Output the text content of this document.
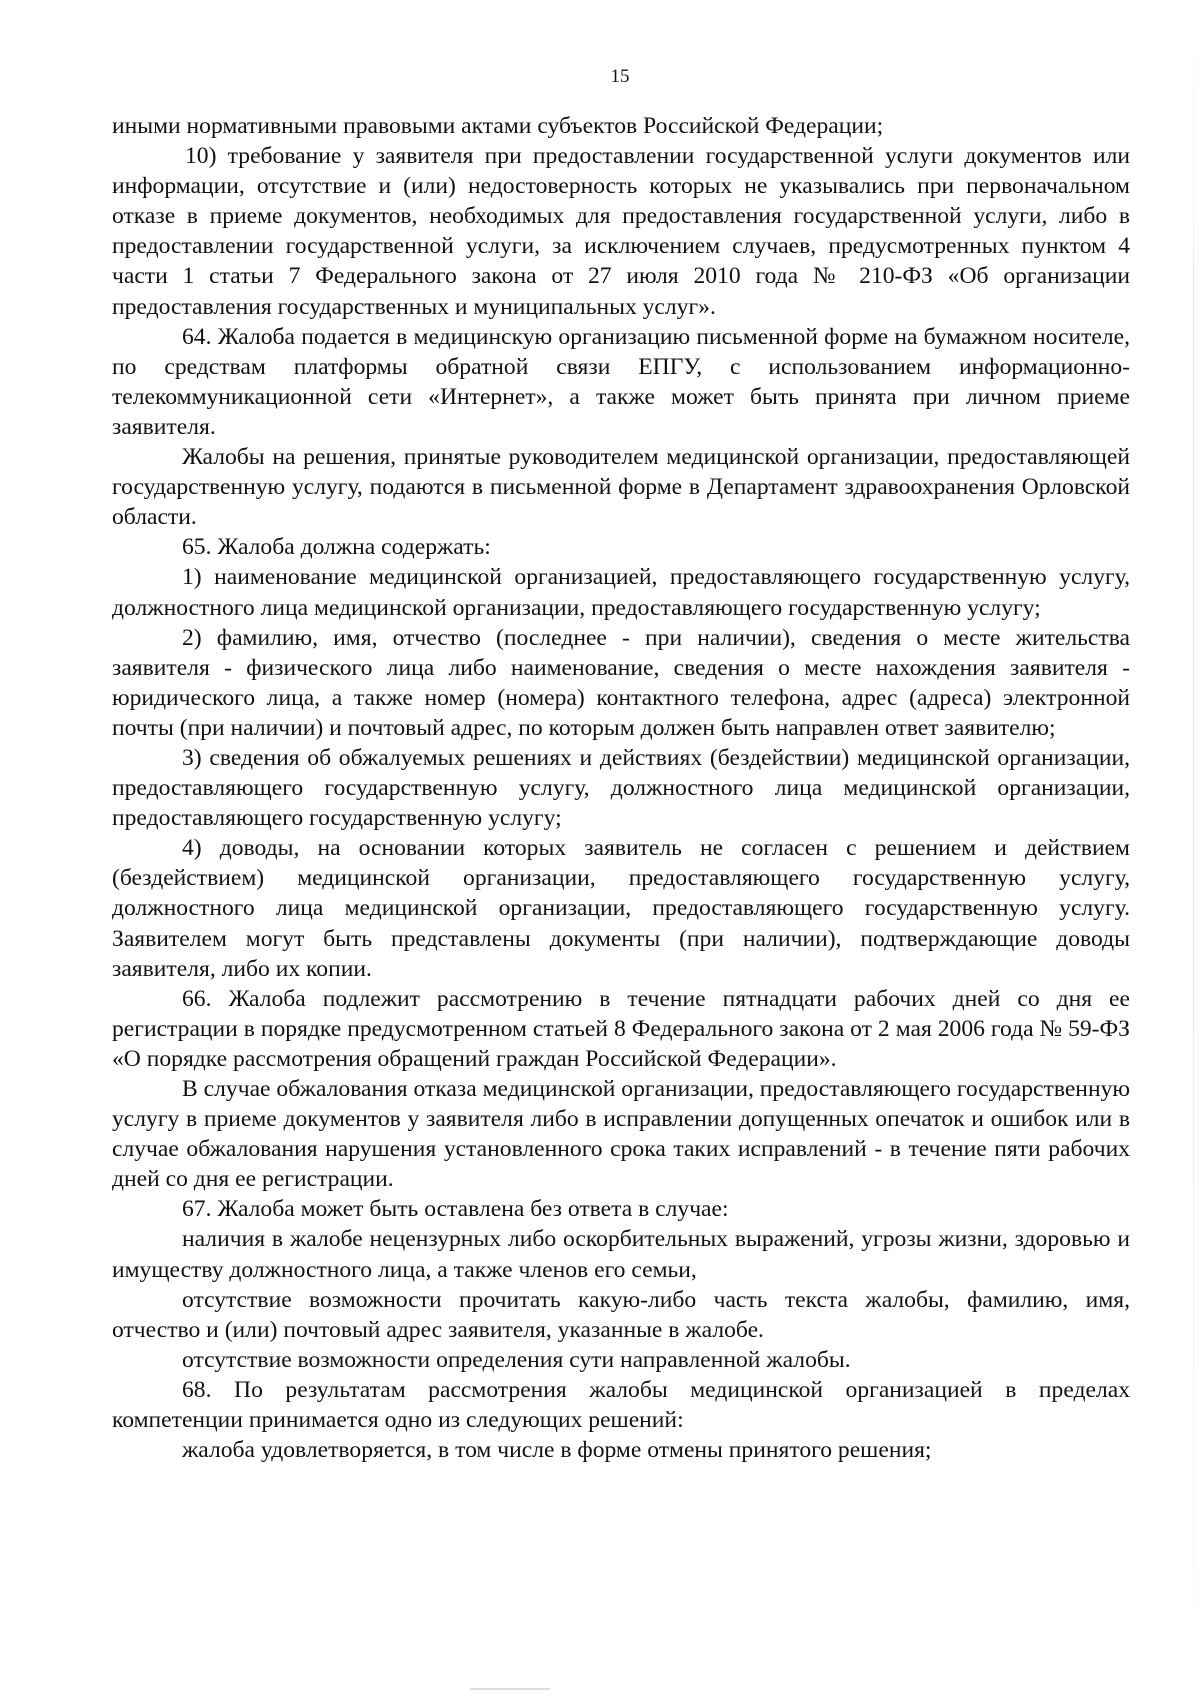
15

иными нормативными правовыми актами субъектов Российской Федерации;

10) требование у заявителя при предоставлении государственной услуги документов или информации, отсутствие и (или) недостоверность которых не указывались при первоначальном отказе в приеме документов, необходимых для предоставления государственной услуги, либо в предоставлении государственной услуги, за исключением случаев, предусмотренных пунктом 4 части 1 статьи 7 Федерального закона от 27 июля 2010 года № 210-ФЗ «Об организации предоставления государственных и муниципальных услуг».

64. Жалоба подается в медицинскую организацию письменной форме на бумажном носителе, по средствам платформы обратной связи ЕПГУ, с использованием информационно-телекоммуникационной сети «Интернет», а также может быть принята при личном приеме заявителя.

Жалобы на решения, принятые руководителем медицинской организации, предоставляющей государственную услугу, подаются в письменной форме в Департамент здравоохранения Орловской области.

65. Жалоба должна содержать:

1) наименование медицинской организацией, предоставляющего государственную услугу, должностного лица медицинской организации, предоставляющего государственную услугу;

2) фамилию, имя, отчество (последнее - при наличии), сведения о месте жительства заявителя - физического лица либо наименование, сведения о месте нахождения заявителя - юридического лица, а также номер (номера) контактного телефона, адрес (адреса) электронной почты (при наличии) и почтовый адрес, по которым должен быть направлен ответ заявителю;

3) сведения об обжалуемых решениях и действиях (бездействии) медицинской организации, предоставляющего государственную услугу, должностного лица медицинской организации, предоставляющего государственную услугу;

4) доводы, на основании которых заявитель не согласен с решением и действием (бездействием) медицинской организации, предоставляющего государственную услугу, должностного лица медицинской организации, предоставляющего государственную услугу. Заявителем могут быть представлены документы (при наличии), подтверждающие доводы заявителя, либо их копии.

66. Жалоба подлежит рассмотрению в течение пятнадцати рабочих дней со дня ее регистрации в порядке предусмотренном статьей 8 Федерального закона от 2 мая 2006 года № 59-ФЗ «О порядке рассмотрения обращений граждан Российской Федерации».

В случае обжалования отказа медицинской организации, предоставляющего государственную услугу в приеме документов у заявителя либо в исправлении допущенных опечаток и ошибок или в случае обжалования нарушения установленного срока таких исправлений - в течение пяти рабочих дней со дня ее регистрации.

67. Жалоба может быть оставлена без ответа в случае:

наличия в жалобе нецензурных либо оскорбительных выражений, угрозы жизни, здоровью и имуществу должностного лица, а также членов его семьи,

отсутствие возможности прочитать какую-либо часть текста жалобы, фамилию, имя, отчество и (или) почтовый адрес заявителя, указанные в жалобе.

отсутствие возможности определения сути направленной жалобы.

68. По результатам рассмотрения жалобы медицинской организацией в пределах компетенции принимается одно из следующих решений:

жалоба удовлетворяется, в том числе в форме отмены принятого решения;
